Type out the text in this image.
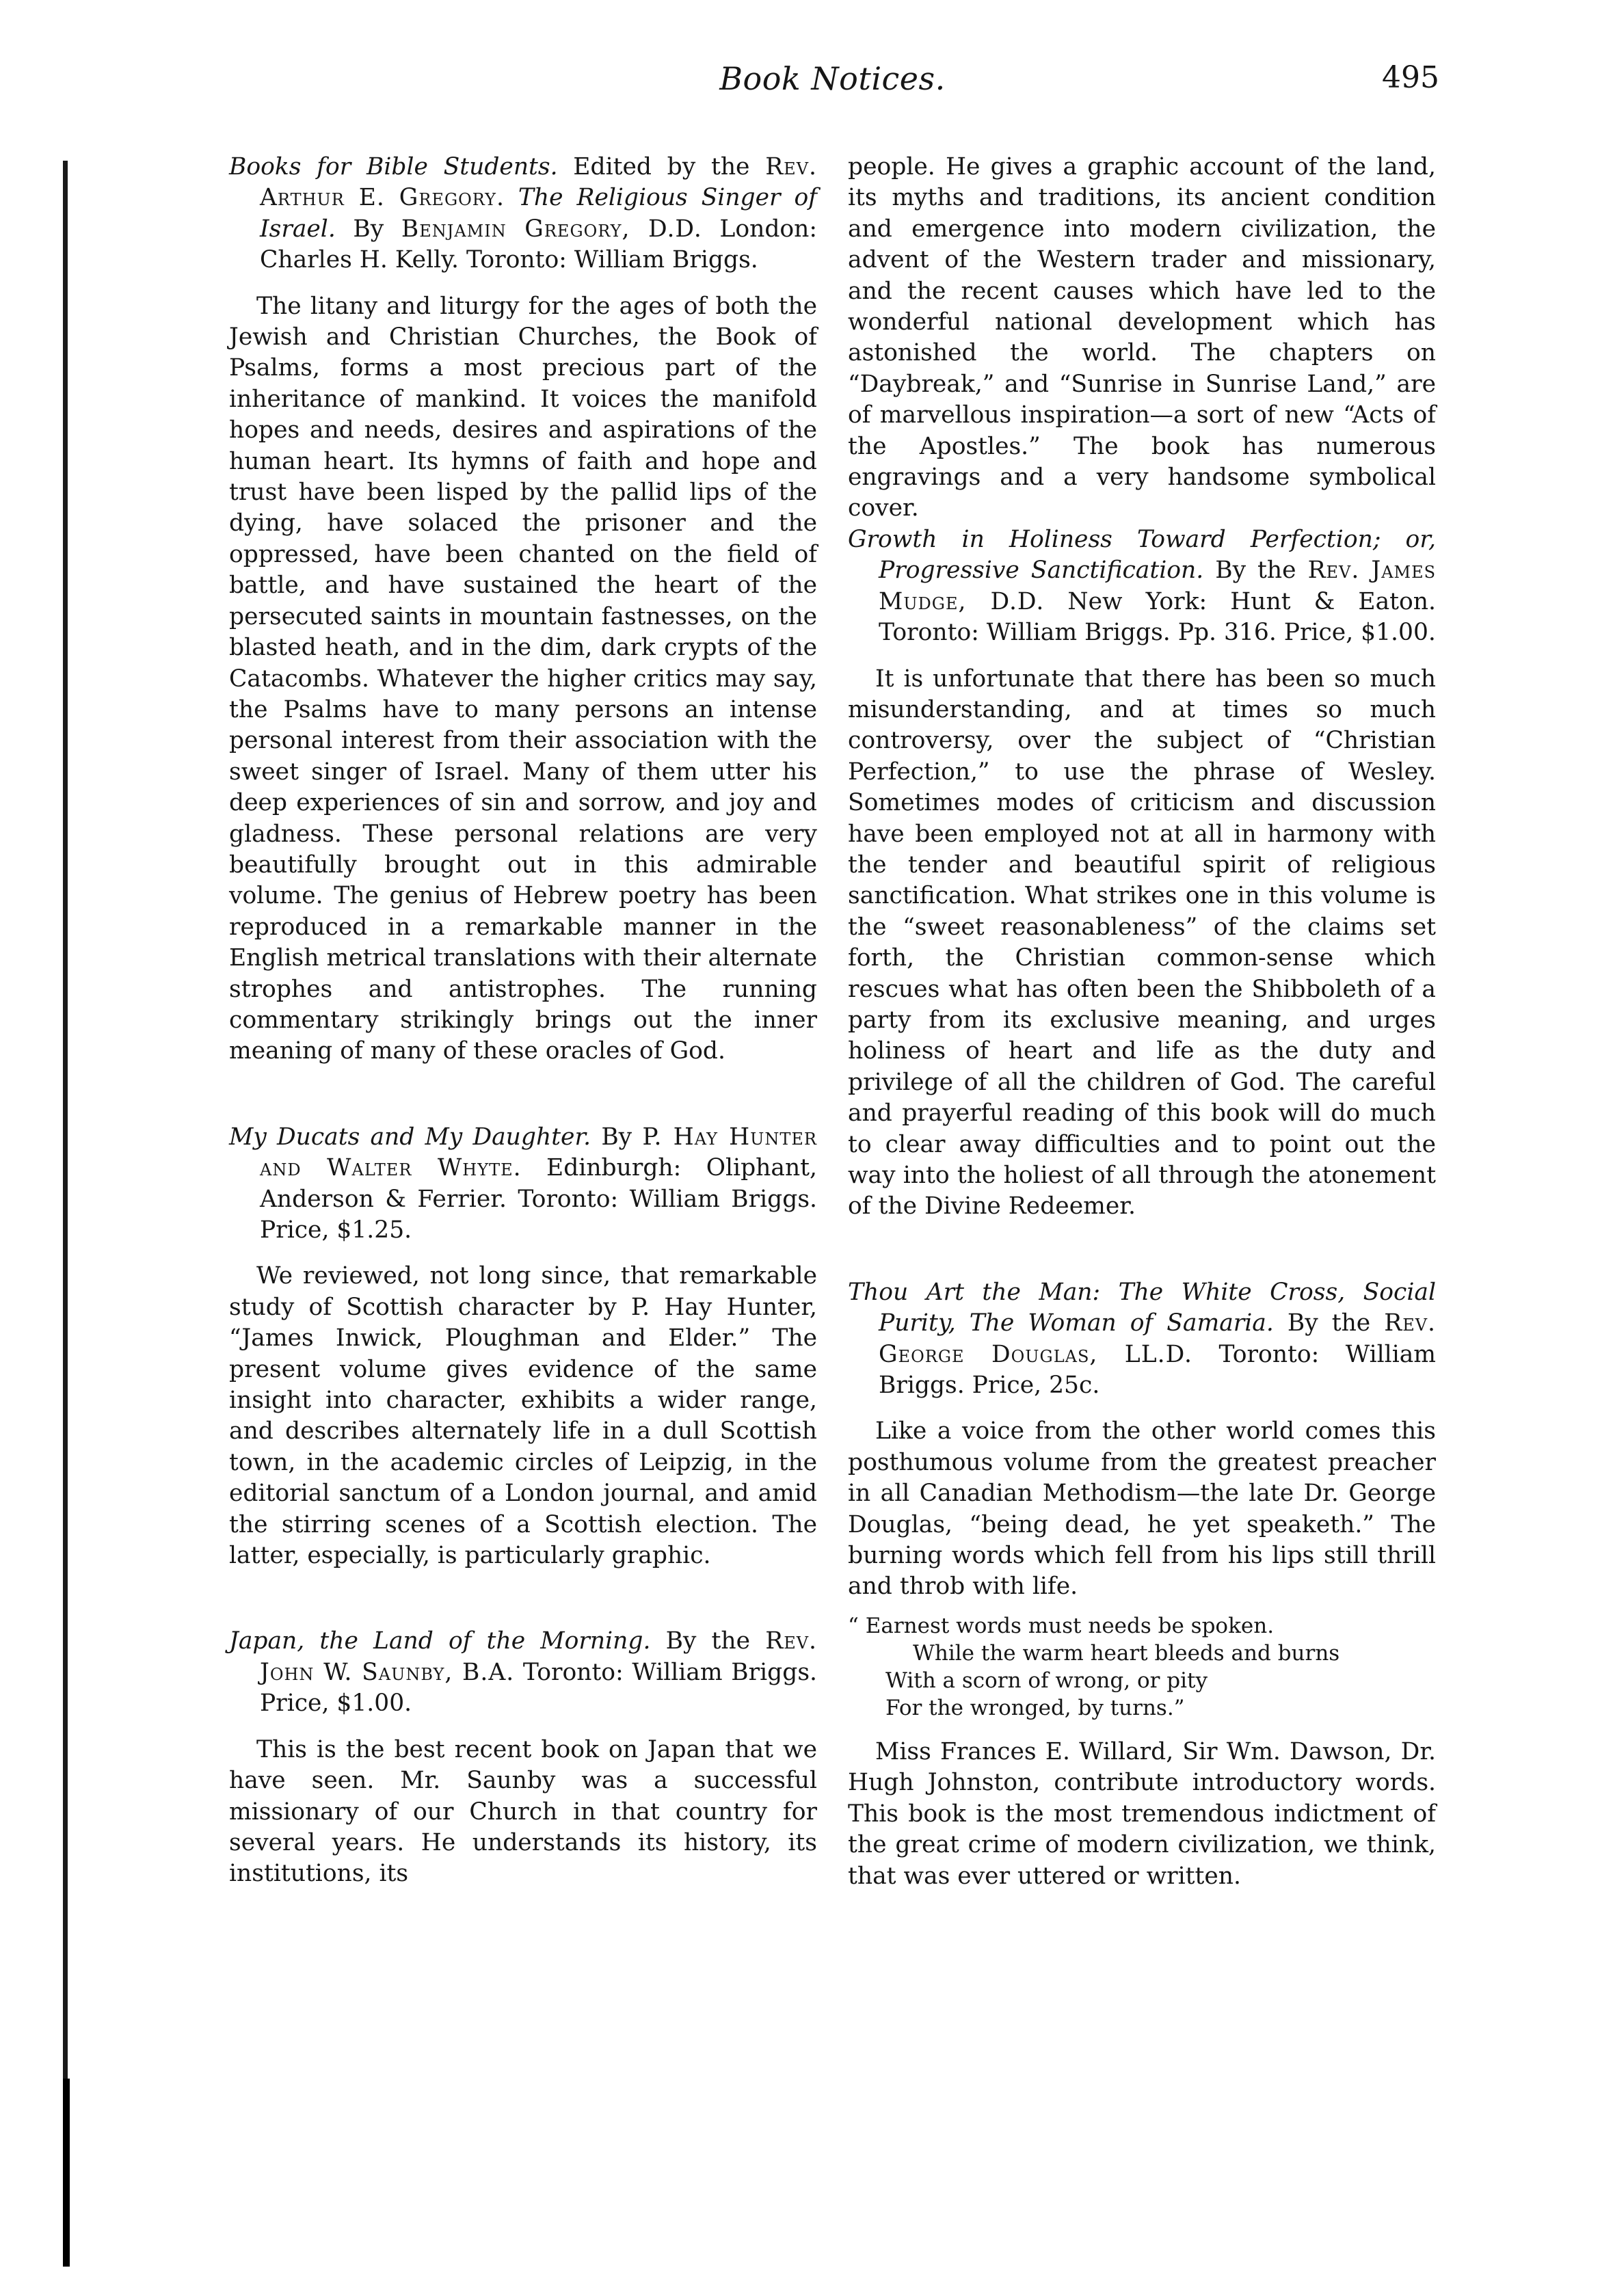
Book Notices.	495
Books for Bible Students. Edited by the Rev. Arthur E. Gregory. The Religious Singer of Israel. By Benjamin Gregory, D.D. London: Charles H. Kelly. Toronto: William Briggs.

The litany and liturgy for the ages of both the Jewish and Christian Churches, the Book of Psalms, forms a most precious part of the inheritance of mankind. It voices the manifold hopes and needs, desires and aspirations of the human heart. Its hymns of faith and hope and trust have been lisped by the pallid lips of the dying, have solaced the prisoner and the oppressed, have been chanted on the field of battle, and have sustained the heart of the persecuted saints in mountain fastnesses, on the blasted heath, and in the dim, dark crypts of the Catacombs. Whatever the higher critics may say, the Psalms have to many persons an intense personal interest from their association with the sweet singer of Israel. Many of them utter his deep experiences of sin and sorrow, and joy and gladness. These personal relations are very beautifully brought out in this admirable volume. The genius of Hebrew poetry has been reproduced in a remarkable manner in the English metrical translations with their alternate strophes and antistrophes. The running commentary strikingly brings out the inner meaning of many of these oracles of God.

My Ducats and My Daughter. By P. Hay Hunter and Walter Whyte. Edinburgh: Oliphant, Anderson & Ferrier. Toronto: William Briggs. Price, $1.25.

We reviewed, not long since, that remarkable study of Scottish character by P. Hay Hunter, “James Inwick, Ploughman and Elder.” The present volume gives evidence of the same insight into character, exhibits a wider range, and describes alternately life in a dull Scottish town, in the academic circles of Leipzig, in the editorial sanctum of a London journal, and amid the stirring scenes of a Scottish election. The latter, especially, is particularly graphic.

Japan, the Land of the Morning. By the Rev. John W. Saunby, B.A. Toronto: William Briggs. Price, $1.00.

This is the best recent book on Japan that we have seen. Mr. Saunby was a successful missionary of our Church in that country for several years. He understands its history, its institutions, its

people. He gives a graphic account of the land, its myths and traditions, its ancient condition and emergence into modern civilization, the advent of the Western trader and missionary, and the recent causes which have led to the wonderful national development which has astonished the world. The chapters on “Daybreak,” and “Sunrise in Sunrise Land,” are of marvellous inspiration—a sort of new “Acts of the Apostles.” The book has numerous engravings and a very handsome symbolical cover.

Growth in Holiness Toward Perfection; or, Progressive Sanctification. By the Rev. James Mudge, D.D. New York: Hunt & Eaton. Toronto: William Briggs. Pp. 316. Price, $1.00.

It is unfortunate that there has been so much misunderstanding, and at times so much controversy, over the subject of “Christian Perfection,” to use the phrase of Wesley. Sometimes modes of criticism and discussion have been employed not at all in harmony with the tender and beautiful spirit of religious sanctification. What strikes one in this volume is the “sweet reasonableness” of the claims set forth, the Christian common-sense which rescues what has often been the Shibboleth of a party from its exclusive meaning, and urges holiness of heart and life as the duty and privilege of all the children of God. The careful and prayerful reading of this book will do much to clear away difficulties and to point out the way into the holiest of all through the atonement of the Divine Redeemer.

Thou Art the Man: The White Cross, Social Purity, The Woman of Samaria. By the Rev. George Douglas, LL.D. Toronto: William Briggs. Price, 25c.

Like a voice from the other world comes this posthumous volume from the greatest preacher in all Canadian Methodism—the late Dr. George Douglas, “being dead, he yet speaketh.” The burning words which fell from his lips still thrill and throb with life.

“ Earnest words must needs be spoken.
While the warm heart bleeds and burns
With a scorn of wrong, or pity
For the wronged, by turns.”

Miss Frances E. Willard, Sir Wm. Dawson, Dr. Hugh Johnston, contribute introductory words. This book is the most tremendous indictment of the great crime of modern civilization, we think, that was ever uttered or written.
